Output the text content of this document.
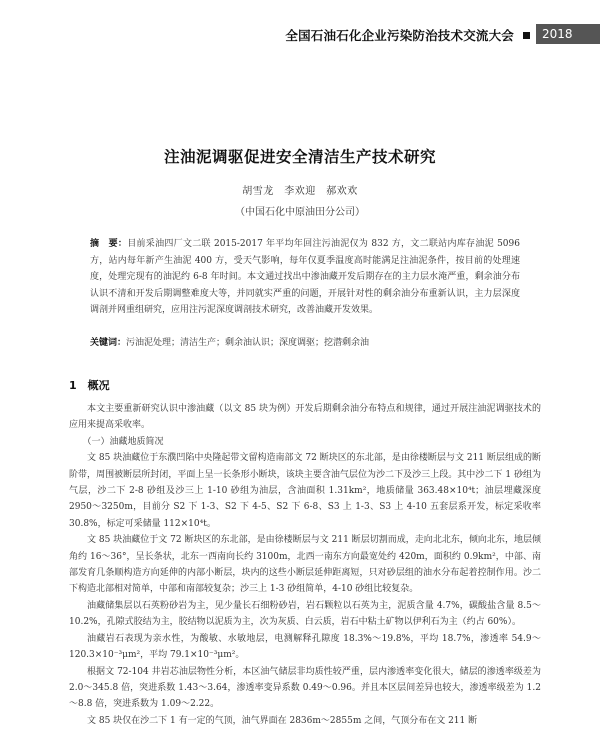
全国石油石化企业污染防治技术交流大会	2018
注油泥调驱促进安全清洁生产技术研究
胡雪龙　李欢迎　郝欢欢
（中国石化中原油田分公司）
摘　要：目前采油四厂文二联 2015-2017 年平均年回注污油泥仅为 832 方，文二联站内库存油泥 5096 方，站内每年新产生油泥 400 方，受天气影响，每年仅夏季温度高时能满足注油泥条件，按目前的处理速度，处理完现有的油泥约 6-8 年时间。本文通过找出中渗油藏开发后期存在的主力层水淹严重，剩余油分布认识不清和开发后期调整难度大等，并同就实严重的问题，开展针对性的剩余油分布重新认识，主力层深度调剖并网重组研究，应用注污泥深度调剖技术研究，改善油藏开发效果。
关键词：污油泥处理；清洁生产；剩余油认识；深度调驱；挖潜剩余油
1　概况

本文主要重新研究认识中渗油藏（以文 85 块为例）开发后期剩余油分布特点和规律，通过开展注油泥调驱技术的应用来提高采收率。

（一）油藏地质简况

文 85 块油藏位于东濮凹陷中央隆起带文留构造南部文 72 断块区的东北部，是由徐楼断层与文 211 断层组成的断阶带，周围被断层所封闭，平面上呈一长条形小断块，该块主要含油气层位为沙二下及沙三上段。其中沙二下 1 砂组为气层，沙二下 2-8 砂组及沙三上 1-10 砂组为油层，含油面积 1.31km²，地质储量 363.48×10⁴t；油层埋藏深度 2950～3250m，目前分 S2 下 1-3、S2 下 4-5、S2 下 6-8、S3 上 1-3、S3 上 4-10 五套层系开发，标定采收率 30.8%，标定可采储量 112×10⁴t。

文 85 块油藏位于文 72 断块区的东北部，是由徐楼断层与文 211 断层切割而成，走向北北东，倾向北东，地层倾角约 16～36°，呈长条状，北东一西南向长约 3100m，北西一南东方向最宽处约 420m，面积约 0.9km²，中部、南部发育几条顺构造方向延伸的内部小断层，块内的这些小断层延伸距离短，只对砂层组的油水分布起着控制作用。沙二下构造北部相对简单，中部和南部较复杂；沙三上 1-3 砂组简单，4-10 砂组比较复杂。

油藏储集层以石英粉砂岩为主，见少量长石细粉砂岩，岩石颗粒以石英为主，泥质含量 4.7%，碳酸盐含量 8.5～10.2%，孔隙式胶结为主，胶结物以泥质为主，次为灰质、白云质，岩石中粘土矿物以伊利石为主（约占 60%）。

油藏岩石表现为亲水性，为酸敏、水敏地层，电测解释孔隙度 18.3%～19.8%，平均 18.7%，渗透率 54.9～120.3×10⁻³μm²，平均 79.1×10⁻³μm²。

根据文 72-104 井岩芯油层物性分析，本区油气储层非均质性较严重，层内渗透率变化很大，储层的渗透率级差为 2.0～345.8 倍，突进系数 1.43～3.64，渗透率变异系数 0.49～0.96。并且本区层间差异也较大，渗透率级差为 1.2～8.8 倍，突进系数为 1.09～2.22。

文 85 块仅在沙二下 1 有一定的气顶，油气界面在 2836m～2855m 之间，气顶分布在文 211 断
